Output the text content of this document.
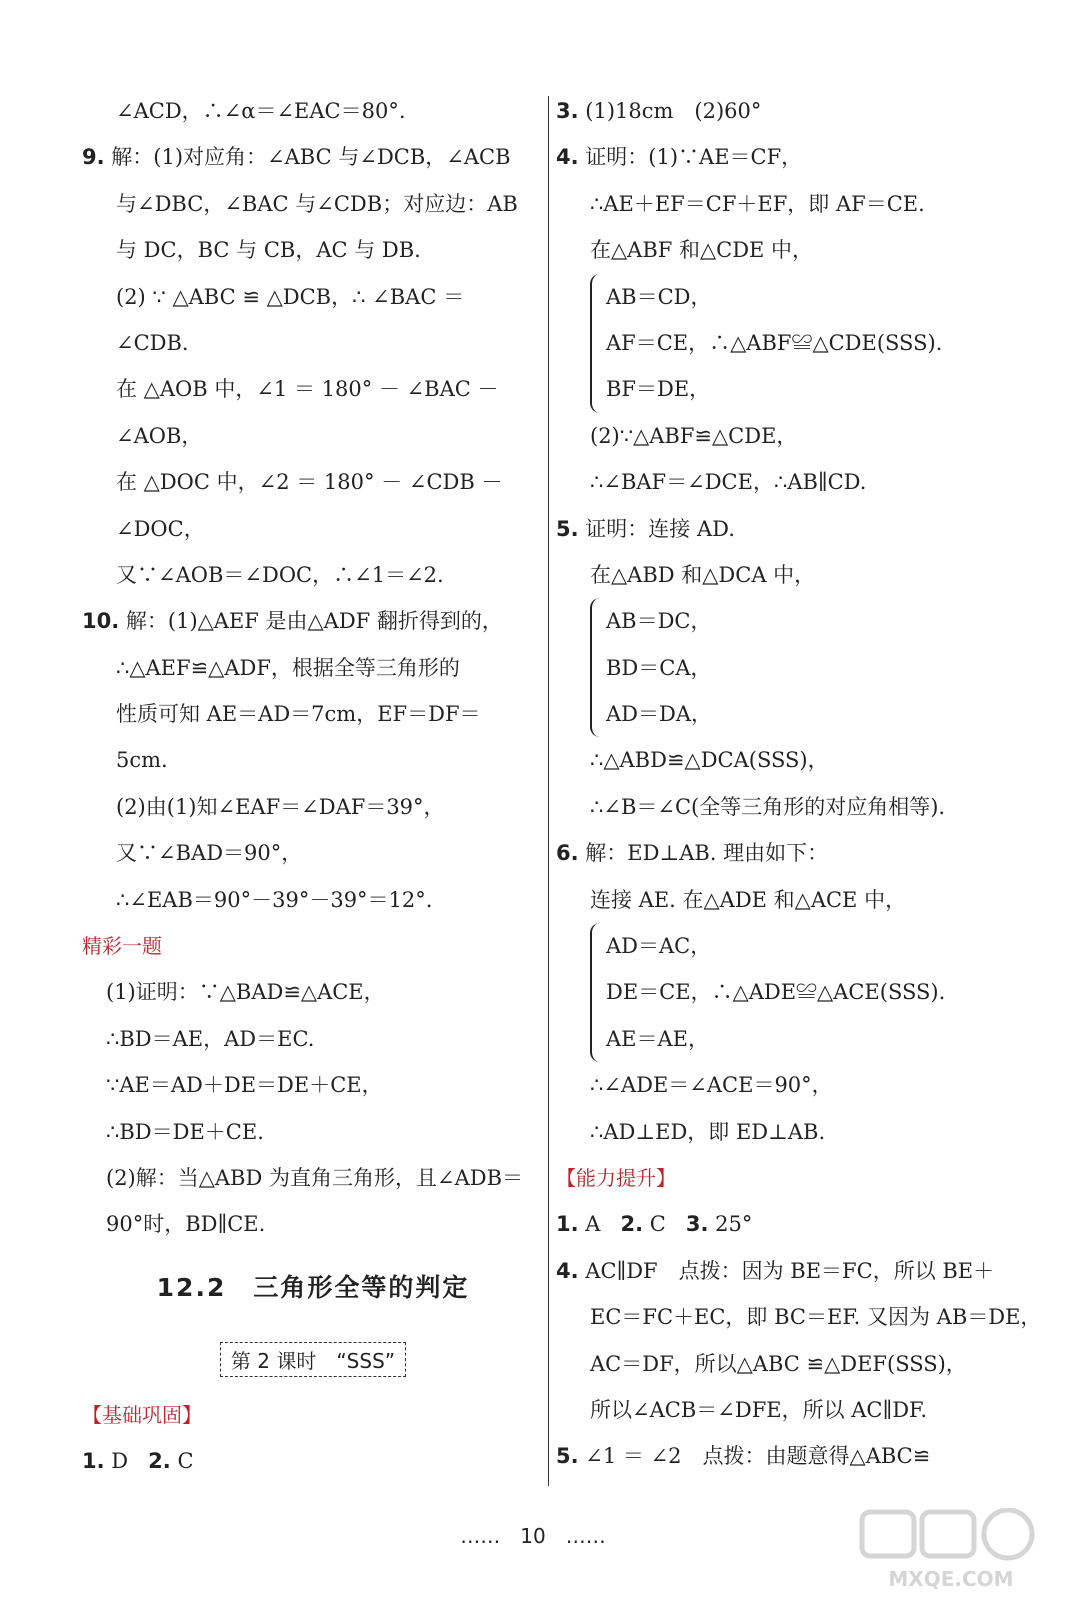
∠ACD，∴∠α＝∠EAC＝80°.
9. 解：(1)对应角：∠ABC 与∠DCB，∠ACB
与∠DBC，∠BAC 与∠CDB；对应边：AB
与 DC，BC 与 CB，AC 与 DB.
(2) ∵ △ABC ≌ △DCB，∴ ∠BAC ＝
∠CDB.
在 △AOB 中，∠1 ＝ 180° － ∠BAC －
∠AOB，
在 △DOC 中，∠2 ＝ 180° － ∠CDB －
∠DOC，
又∵∠AOB＝∠DOC，∴∠1＝∠2.
10. 解：(1)△AEF 是由△ADF 翻折得到的，
∴△AEF≌△ADF，根据全等三角形的
性质可知 AE＝AD＝7cm，EF＝DF＝
5cm.
(2)由(1)知∠EAF＝∠DAF＝39°，
又∵∠BAD＝90°，
∴∠EAB＝90°－39°－39°＝12°.
精彩一题
(1)证明：∵△BAD≌△ACE，
∴BD＝AE，AD＝EC.
∵AE＝AD＋DE＝DE＋CE，
∴BD＝DE＋CE.
(2)解：当△ABD 为直角三角形，且∠ADB＝
90°时，BD∥CE.
12.2　三角形全等的判定
第 2 课时　“SSS”
【基础巩固】
1. D 2. C
3. (1)18cm　(2)60°
4. 证明：(1)∵AE＝CF，
∴AE＋EF＝CF＋EF，即 AF＝CE.
在△ABF 和△CDE 中，
AB＝CD，
AF＝CE，∴△ABF≌△CDE(SSS).
BF＝DE，
(2)∵△ABF≌△CDE，
∴∠BAF＝∠DCE，∴AB∥CD.
5. 证明：连接 AD.
在△ABD 和△DCA 中，
AB＝DC，
BD＝CA，
AD＝DA，
∴△ABD≌△DCA(SSS)，
∴∠B＝∠C(全等三角形的对应角相等).
6. 解：ED⊥AB. 理由如下：
连接 AE. 在△ADE 和△ACE 中，
AD＝AC，
DE＝CE，∴△ADE≌△ACE(SSS).
AE＝AE，
∴∠ADE＝∠ACE＝90°，
∴AD⊥ED，即 ED⊥AB.
【能力提升】
1. A 2. C 3. 25°
4. AC∥DF　点拨：因为 BE＝FC，所以 BE＋
EC＝FC＋EC，即 BC＝EF. 又因为 AB＝DE，
AC＝DF，所以△ABC ≌△DEF(SSS)，
所以∠ACB＝∠DFE，所以 AC∥DF.
5. ∠1 ＝ ∠2　点拨：由题意得△ABC≌
……　10　……
MXQE.COM
